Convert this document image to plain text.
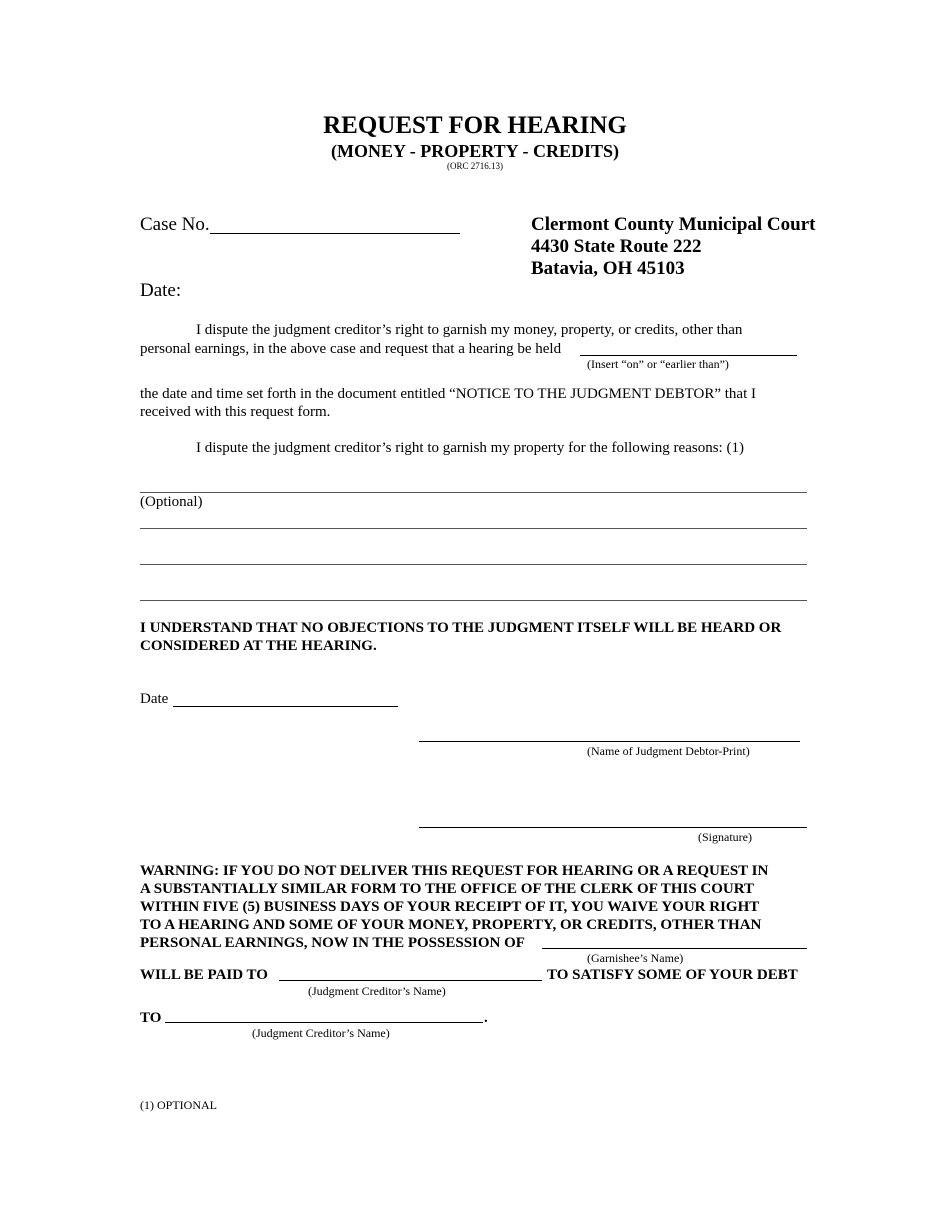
REQUEST FOR HEARING
(MONEY - PROPERTY - CREDITS)
(ORC 2716.13)
Case No.
Date:
Clermont County Municipal Court
4430 State Route 222
Batavia, OH 45103
I dispute the judgment creditor’s right to garnish my money, property, or credits, other than
personal earnings, in the above case and request that a hearing be held
(Insert “on” or “earlier than”)
the date and time set forth in the document entitled “NOTICE TO THE JUDGMENT DEBTOR” that I
received with this request form.
I dispute the judgment creditor’s right to garnish my property for the following reasons: (1)
(Optional)
I UNDERSTAND THAT NO OBJECTIONS TO THE JUDGMENT ITSELF WILL BE HEARD OR
CONSIDERED AT THE HEARING.
Date
(Name of Judgment Debtor-Print)
(Signature)
WARNING: IF YOU DO NOT DELIVER THIS REQUEST FOR HEARING OR A REQUEST IN
A SUBSTANTIALLY SIMILAR FORM TO THE OFFICE OF THE CLERK OF THIS COURT
WITHIN FIVE (5) BUSINESS DAYS OF YOUR RECEIPT OF IT, YOU WAIVE YOUR RIGHT
TO A HEARING AND SOME OF YOUR MONEY, PROPERTY, OR CREDITS, OTHER THAN
PERSONAL EARNINGS, NOW IN THE POSSESSION OF
(Garnishee’s Name)
WILL BE PAID TO	TO SATISFY SOME OF YOUR DEBT
(Judgment Creditor’s Name)
TO	.
(Judgment Creditor’s Name)
(1) OPTIONAL
